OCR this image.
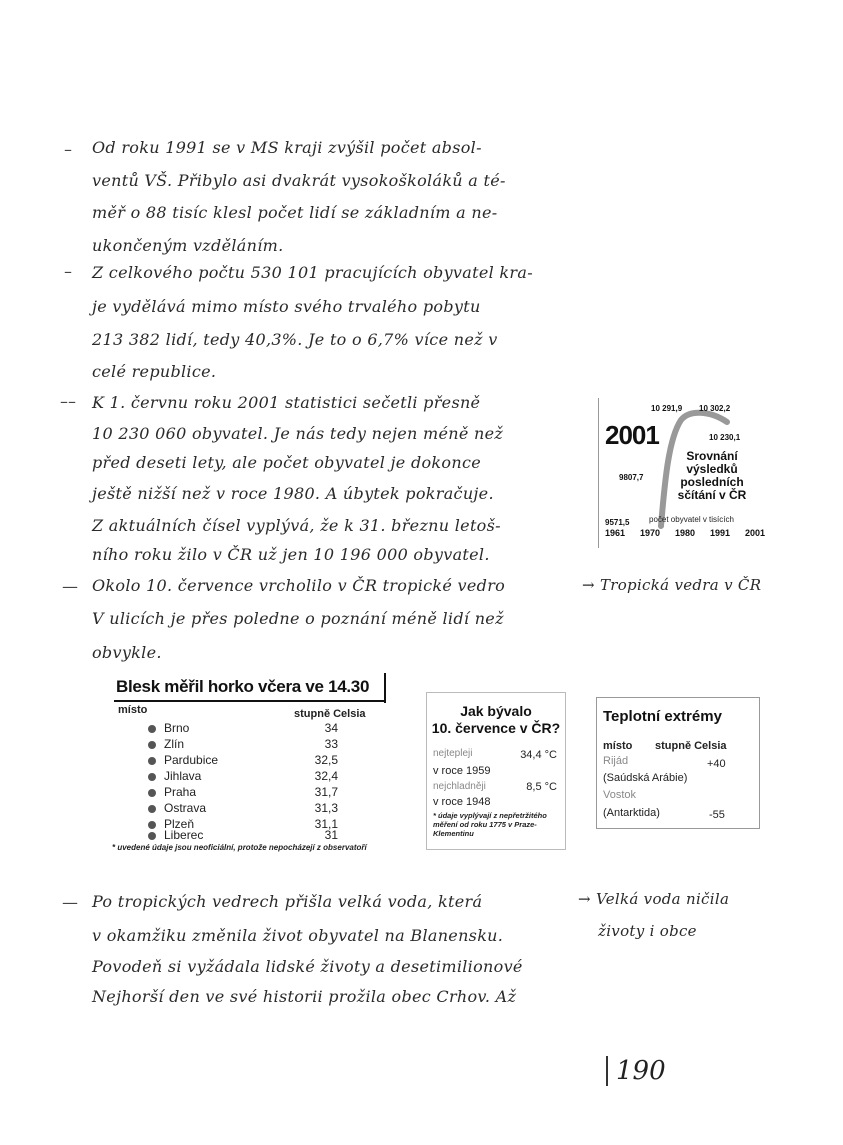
– Od roku 1991 se v MS kraji zvýšil počet absol-
ventů VŠ. Přibylo asi dvakrát vysokoškoláků a té-
měř o 88 tisíc klesl počet lidí se základním a ne-
ukončeným vzděláním.
– Z celkového počtu 530 101 pracujících obyvatel kra-
je vydělává mimo místo svého trvalého pobytu
213 382 lidí, tedy 40,3%. Je to o 6,7% více než v
celé republice.
–– K 1. červnu roku 2001 statistici sečetli přesně
10 230 060 obyvatel. Je nás tedy nejen méně než
před deseti lety, ale počet obyvatel je dokonce
ještě nižší než v roce 1980. A úbytek pokračuje.
Z aktuálních čísel vyplývá, že k 31. březnu letoš-
ního roku žilo v ČR už jen 10 196 000 obyvatel.
10 291,9 10 302,2
10 230,1
9807,7
9571,5
2001
Srovnání
výsledků
posledních
sčítání v ČR
počet obyvatel v tisících
1961 1970 1980 1991 2001
— Okolo 10. července vrcholilo v ČR tropické vedro	→ Tropická vedra v ČR
V ulicích je přes poledne o poznání méně lidí než
obvykle.
Blesk měřil horko včera ve 14.30
místo	stupně Celsia
Brno	34
Zlín	33
Pardubice	32,5
Jihlava	32,4
Praha	31,7
Ostrava	31,3
Plzeň	31,1
Liberec	31
* uvedené údaje jsou neoficiální, protože nepocházejí z observatoří
Jak bývalo
10. července v ČR?
nejtepleji	34,4 °C
v roce 1959
nejchladněji	8,5 °C
v roce 1948
* údaje vyplývají z nepřetržitého měření od roku 1775 v Praze-Klementinu
Teplotní extrémy
místo stupně Celsia
Rijád	+40
(Saúdská Arábie)
Vostok
(Antarktida)	-55
— Po tropických vedrech přišla velká voda, která	→ Velká voda ničila
životy i obce
v okamžiku změnila život obyvatel na Blanensku.
Povodeň si vyžádala lidské životy a desetimilionové
Nejhorší den ve své historii prožila obec Crhov. Až
190
